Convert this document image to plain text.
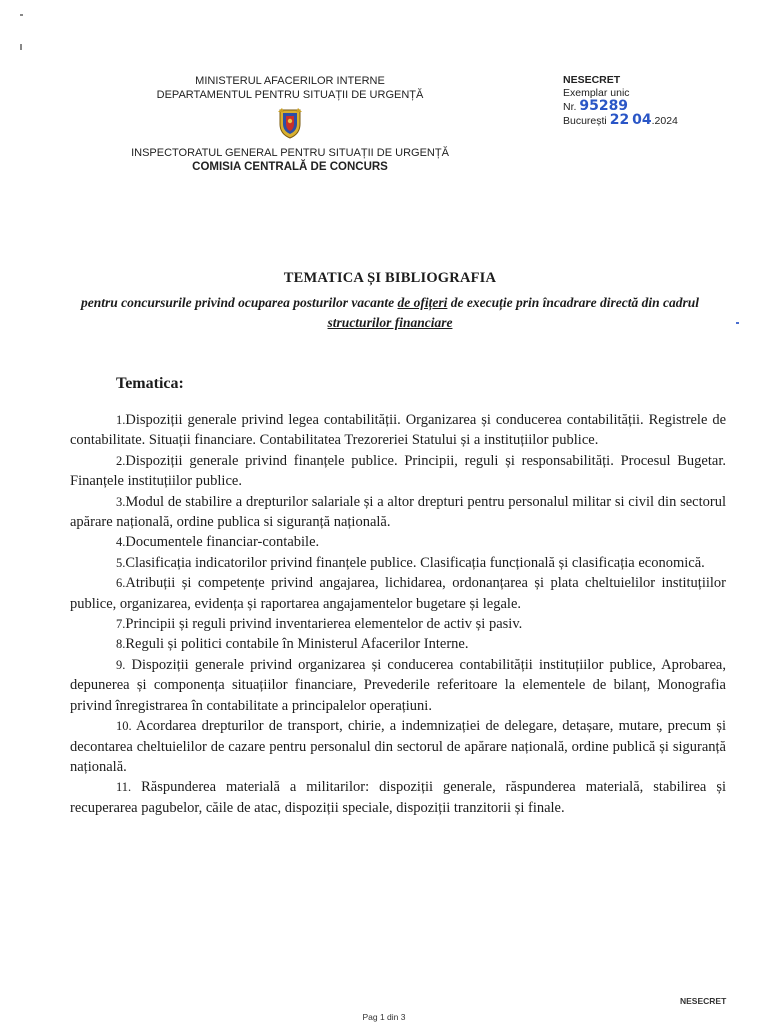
MINISTERUL AFACERILOR INTERNE
DEPARTAMENTUL PENTRU SITUAȚII DE URGENȚĂ
INSPECTORATUL GENERAL PENTRU SITUAȚII DE URGENȚĂ
COMISIA CENTRALĂ DE CONCURS
NESECRET
Exemplar unic
Nr. 95289
București 22 04.2024
TEMATICA ȘI BIBLIOGRAFIA
pentru concursurile privind ocuparea posturilor vacante de ofițeri de execuție prin încadrare directă din cadrul structurilor financiare
Tematica:

1.Dispoziții generale privind legea contabilității. Organizarea și conducerea contabilității. Registrele de contabilitate. Situații financiare. Contabilitatea Trezoreriei Statului și a instituțiilor publice.

2.Dispoziții generale privind finanțele publice. Principii, reguli și responsabilități. Procesul Bugetar. Finanțele instituțiilor publice.

3.Modul de stabilire a drepturilor salariale și a altor drepturi pentru personalul militar si civil din sectorul apărare națională, ordine publica si siguranță națională.

4.Documentele financiar-contabile.

5.Clasificația indicatorilor privind finanțele publice. Clasificația funcțională și clasificația economică.

6.Atribuții și competențe privind angajarea, lichidarea, ordonanțarea și plata cheltuielilor instituțiilor publice, organizarea, evidența și raportarea angajamentelor bugetare și legale.

7.Principii și reguli privind inventarierea elementelor de activ și pasiv.

8.Reguli și politici contabile în Ministerul Afacerilor Interne.

9. Dispoziții generale privind organizarea și conducerea contabilității instituțiilor publice, Aprobarea, depunerea și componența situațiilor financiare, Prevederile referitoare la elementele de bilanț, Monografia privind înregistrarea în contabilitate a principalelor operațiuni.

10. Acordarea drepturilor de transport, chirie, a indemnizației de delegare, detașare, mutare, precum și decontarea cheltuielilor de cazare pentru personalul din sectorul de apărare națională, ordine publică și siguranță națională.

11. Răspunderea materială a militarilor: dispoziții generale, răspunderea materială, stabilirea și recuperarea pagubelor, căile de atac, dispoziții speciale, dispoziții tranzitorii și finale.

NESECRET
Pag 1 din 3
